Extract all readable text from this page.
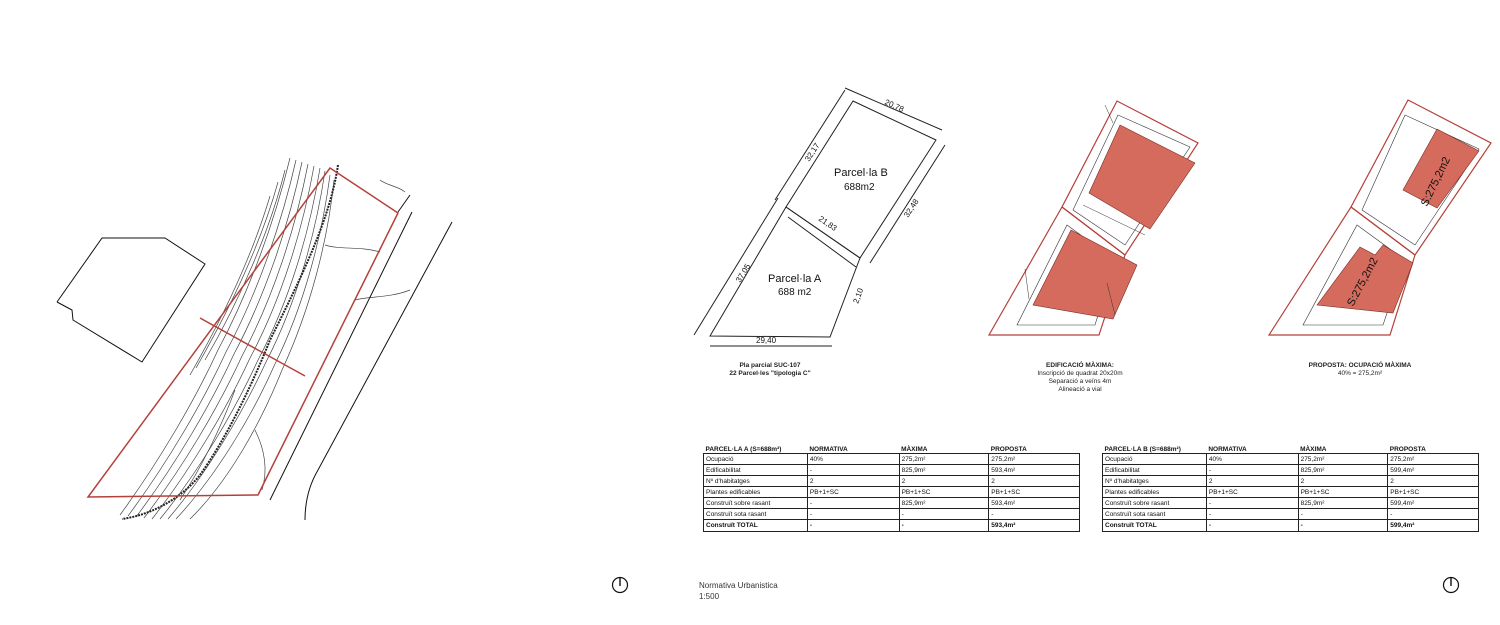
Parcel·la B
688m2
Parcel·la A
688 m2
20,78
32,17
32,48
21,83
37,05
2,10
29,40
Pla parcial SUC-107
22 Parcel·les "tipologia C"
EDIFICACIÓ MÀXIMA:
Inscripció de quadrat 20x20m
Separació a veïns 4m
Alineació a vial
S:275,2m2
S:275,2m2
PROPOSTA: OCUPACIÓ MÀXIMA
40% = 275,2m²
PARCEL·LA A (S=688m²)	NORMATIVA	MÀXIMA	PROPOSTA
Ocupació	40%	275,2m²	275,2m²
Edificabilitat	-	825,9m²	593,4m²
Nº d'habitatges	2	2	2
Plantes edificables	PB+1+SC	PB+1+SC	PB+1+SC
Construït sobre rasant	-	825,9m²	593,4m²
Construït sota rasant	-	-	-
Construït TOTAL	-	-	593,4m²
PARCEL·LA B (S=688m²)	NORMATIVA	MÀXIMA	PROPOSTA
Ocupació	40%	275,2m²	275,2m²
Edificabilitat	-	825,9m²	599,4m²
Nº d'habitatges	2	2	2
Plantes edificables	PB+1+SC	PB+1+SC	PB+1+SC
Construït sobre rasant	-	825,9m²	599,4m²
Construït sota rasant	-	-	-
Construït TOTAL	-	-	599,4m²
Normativa Urbanistica
1:500
